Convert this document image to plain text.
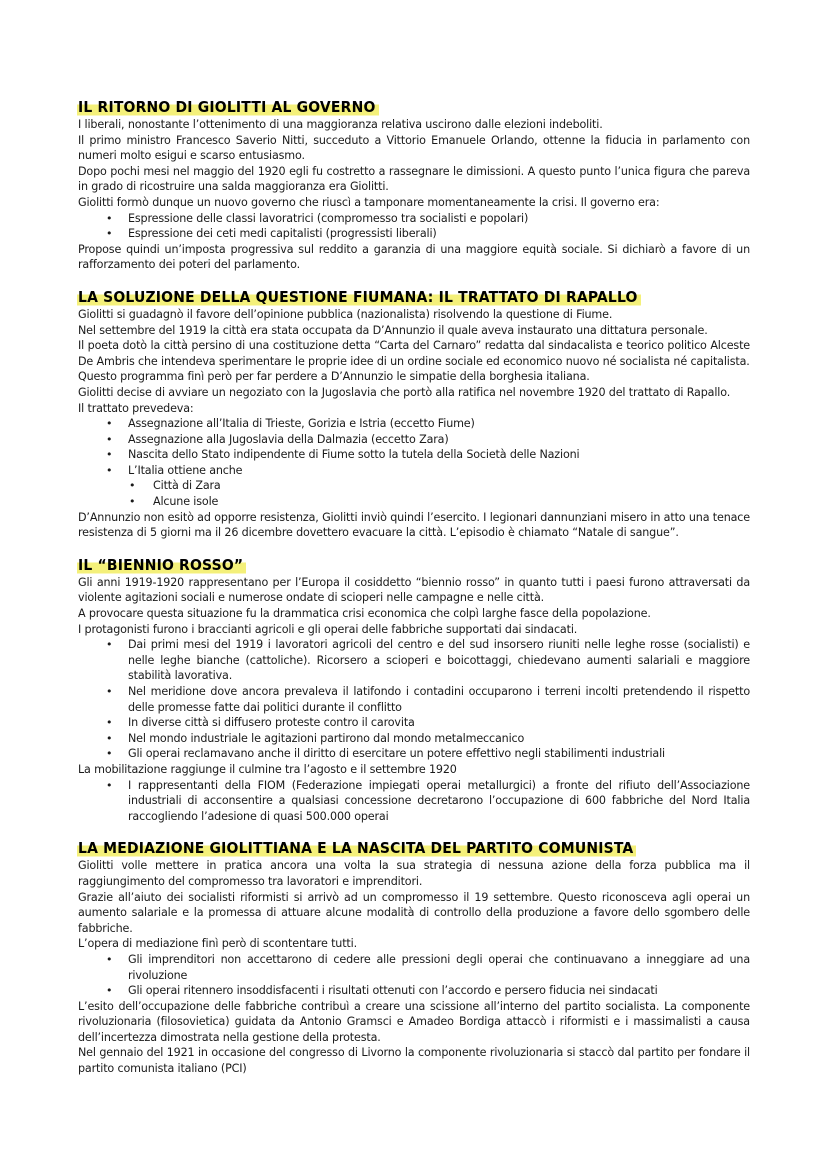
IL RITORNO DI GIOLITTI AL GOVERNO

I liberali, nonostante l’ottenimento di una maggioranza relativa uscirono dalle elezioni indeboliti.

Il primo ministro Francesco Saverio Nitti, succeduto a Vittorio Emanuele Orlando, ottenne la fiducia in parlamento con numeri molto esigui e scarso entusiasmo.

Dopo pochi mesi nel maggio del 1920 egli fu costretto a rassegnare le dimissioni. A questo punto l’unica figura che pareva in grado di ricostruire una salda maggioranza era Giolitti.

Giolitti formò dunque un nuovo governo che riuscì a tamponare momentaneamente la crisi. Il governo era:

• Espressione delle classi lavoratrici (compromesso tra socialisti e popolari)
• Espressione dei ceti medi capitalisti (progressisti liberali)

Propose quindi un’imposta progressiva sul reddito a garanzia di una maggiore equità sociale. Si dichiarò a favore di un rafforzamento dei poteri del parlamento.

LA SOLUZIONE DELLA QUESTIONE FIUMANA: IL TRATTATO DI RAPALLO

Giolitti si guadagnò il favore dell’opinione pubblica (nazionalista) risolvendo la questione di Fiume.

Nel settembre del 1919 la città era stata occupata da D’Annunzio il quale aveva instaurato una dittatura personale.

Il poeta dotò la città persino di una costituzione detta “Carta del Carnaro” redatta dal sindacalista e teorico politico Alceste De Ambris che intendeva sperimentare le proprie idee di un ordine sociale ed economico nuovo né socialista né capitalista.

Questo programma finì però per far perdere a D’Annunzio le simpatie della borghesia italiana.

Giolitti decise di avviare un negoziato con la Jugoslavia che portò alla ratifica nel novembre 1920 del trattato di Rapallo.

Il trattato prevedeva:

• Assegnazione all’Italia di Trieste, Gorizia e Istria (eccetto Fiume)
• Assegnazione alla Jugoslavia della Dalmazia (eccetto Zara)
• Nascita dello Stato indipendente di Fiume sotto la tutela della Società delle Nazioni
• L’Italia ottiene anche
• Città di Zara
• Alcune isole

D’Annunzio non esitò ad opporre resistenza, Giolitti inviò quindi l’esercito. I legionari dannunziani misero in atto una tenace resistenza di 5 giorni ma il 26 dicembre dovettero evacuare la città. L’episodio è chiamato “Natale di sangue”.

IL “BIENNIO ROSSO”

Gli anni 1919-1920 rappresentano per l’Europa il cosiddetto “biennio rosso” in quanto tutti i paesi furono attraversati da violente agitazioni sociali e numerose ondate di scioperi nelle campagne e nelle città.

A provocare questa situazione fu la drammatica crisi economica che colpì larghe fasce della popolazione.

I protagonisti furono i braccianti agricoli e gli operai delle fabbriche supportati dai sindacati.

• Dai primi mesi del 1919 i lavoratori agricoli del centro e del sud insorsero riuniti nelle leghe rosse (socialisti) e nelle leghe bianche (cattoliche). Ricorsero a scioperi e boicottaggi, chiedevano aumenti salariali e maggiore stabilità lavorativa.
• Nel meridione dove ancora prevaleva il latifondo i contadini occuparono i terreni incolti pretendendo il rispetto delle promesse fatte dai politici durante il conflitto
• In diverse città si diffusero proteste contro il carovita
• Nel mondo industriale le agitazioni partirono dal mondo metalmeccanico
• Gli operai reclamavano anche il diritto di esercitare un potere effettivo negli stabilimenti industriali

La mobilitazione raggiunge il culmine tra l’agosto e il settembre 1920

• I rappresentanti della FIOM (Federazione impiegati operai metallurgici) a fronte del rifiuto dell’Associazione industriali di acconsentire a qualsiasi concessione decretarono l’occupazione di 600 fabbriche del Nord Italia raccogliendo l’adesione di quasi 500.000 operai
LA MEDIAZIONE GIOLITTIANA E LA NASCITA DEL PARTITO COMUNISTA

Giolitti volle mettere in pratica ancora una volta la sua strategia di nessuna azione della forza pubblica ma il raggiungimento del compromesso tra lavoratori e imprenditori.

Grazie all’aiuto dei socialisti riformisti si arrivò ad un compromesso il 19 settembre. Questo riconosceva agli operai un aumento salariale e la promessa di attuare alcune modalità di controllo della produzione a favore dello sgombero delle fabbriche.

L’opera di mediazione finì però di scontentare tutti.

• Gli imprenditori non accettarono di cedere alle pressioni degli operai che continuavano a inneggiare ad una rivoluzione
• Gli operai ritennero insoddisfacenti i risultati ottenuti con l’accordo e persero fiducia nei sindacati

L’esito dell’occupazione delle fabbriche contribuì a creare una scissione all’interno del partito socialista. La componente rivoluzionaria (filosovietica) guidata da Antonio Gramsci e Amadeo Bordiga attaccò i riformisti e i massimalisti a causa dell’incertezza dimostrata nella gestione della protesta.

Nel gennaio del 1921 in occasione del congresso di Livorno la componente rivoluzionaria si staccò dal partito per fondare il partito comunista italiano (PCI)
